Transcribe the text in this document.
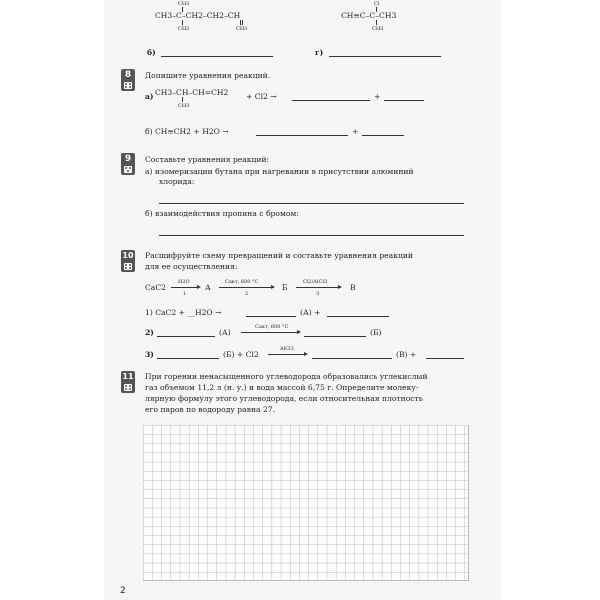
CH3
CH3–C–CH2–CH2–CH
CH3	CH3
Cl
CH≡C–C–CH3
CH3
б)	г)
8	Допишите уравнения реакций.
а) CH3–CH–CH=CH2
CH3
+ Cl2 →	+
б) CH≡CH2 + H2O →	+
9	Составьте уравнения реакций:
а) изомеризации бутана при нагревании в присутствии алюминий
хлорида:
б) взаимодействия пропина с бромом:
10 Расшифруйте схему превращений и составьте уравнения реакций
для ее осуществления:
CaC2
H2O
1
А
Cакт, 600 °C
2
Б
Cl2/AlCl3
3
В
1) CaC2 + __H2O →	(А) +
2)	(А)
Cакт, 600 °C
(Б)
3)	(Б) + Cl2
AlCl3
(В) +
11 При горении ненасыщенного углеводорода образовались углекислый
газ объемом 11,2 л (н. у.) и вода массой 6,75 г. Определите молеку-
лярную формулу этого углеводорода, если относительная плотность
его паров по водороду равна 27.
2
